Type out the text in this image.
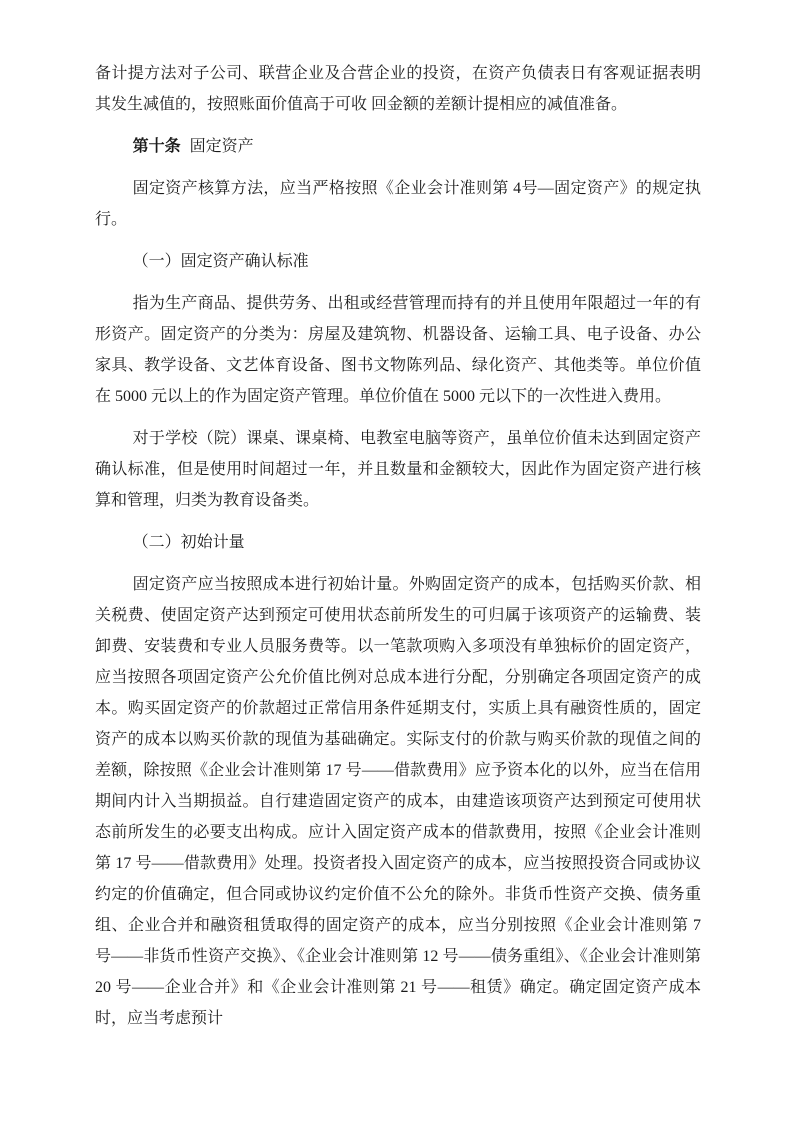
备计提方法对子公司、联营企业及合营企业的投资，在资产负债表日有客观证据表明其发生减值的，按照账面价值高于可收 回金额的差额计提相应的减值准备。

第十条 固定资产

固定资产核算方法，应当严格按照《企业会计准则第 4号—固定资产》的规定执行。

（一）固定资产确认标准

指为生产商品、提供劳务、出租或经营管理而持有的并且使用年限超过一年的有形资产。固定资产的分类为：房屋及建筑物、机器设备、运输工具、电子设备、办公家具、教学设备、文艺体育设备、图书文物陈列品、绿化资产、其他类等。单位价值在 5000 元以上的作为固定资产管理。单位价值在 5000 元以下的一次性进入费用。

对于学校（院）课桌、课桌椅、电教室电脑等资产，虽单位价值未达到固定资产确认标准，但是使用时间超过一年，并且数量和金额较大，因此作为固定资产进行核算和管理，归类为教育设备类。

（二）初始计量

固定资产应当按照成本进行初始计量。外购固定资产的成本，包括购买价款、相关税费、使固定资产达到预定可使用状态前所发生的可归属于该项资产的运输费、装卸费、安装费和专业人员服务费等。以一笔款项购入多项没有单独标价的固定资产，应当按照各项固定资产公允价值比例对总成本进行分配，分别确定各项固定资产的成本。购买固定资产的价款超过正常信用条件延期支付，实质上具有融资性质的，固定资产的成本以购买价款的现值为基础确定。实际支付的价款与购买价款的现值之间的差额，除按照《企业会计准则第 17 号——借款费用》应予资本化的以外，应当在信用期间内计入当期损益。自行建造固定资产的成本，由建造该项资产达到预定可使用状态前所发生的必要支出构成。应计入固定资产成本的借款费用，按照《企业会计准则第 17 号——借款费用》处理。投资者投入固定资产的成本，应当按照投资合同或协议约定的价值确定，但合同或协议约定价值不公允的除外。非货币性资产交换、债务重组、企业合并和融资租赁取得的固定资产的成本，应当分别按照《企业会计准则第 7 号——非货币性资产交换》、《企业会计准则第 12 号——债务重组》、《企业会计准则第 20 号——企业合并》和《企业会计准则第 21 号——租赁》确定。确定固定资产成本时，应当考虑预计
